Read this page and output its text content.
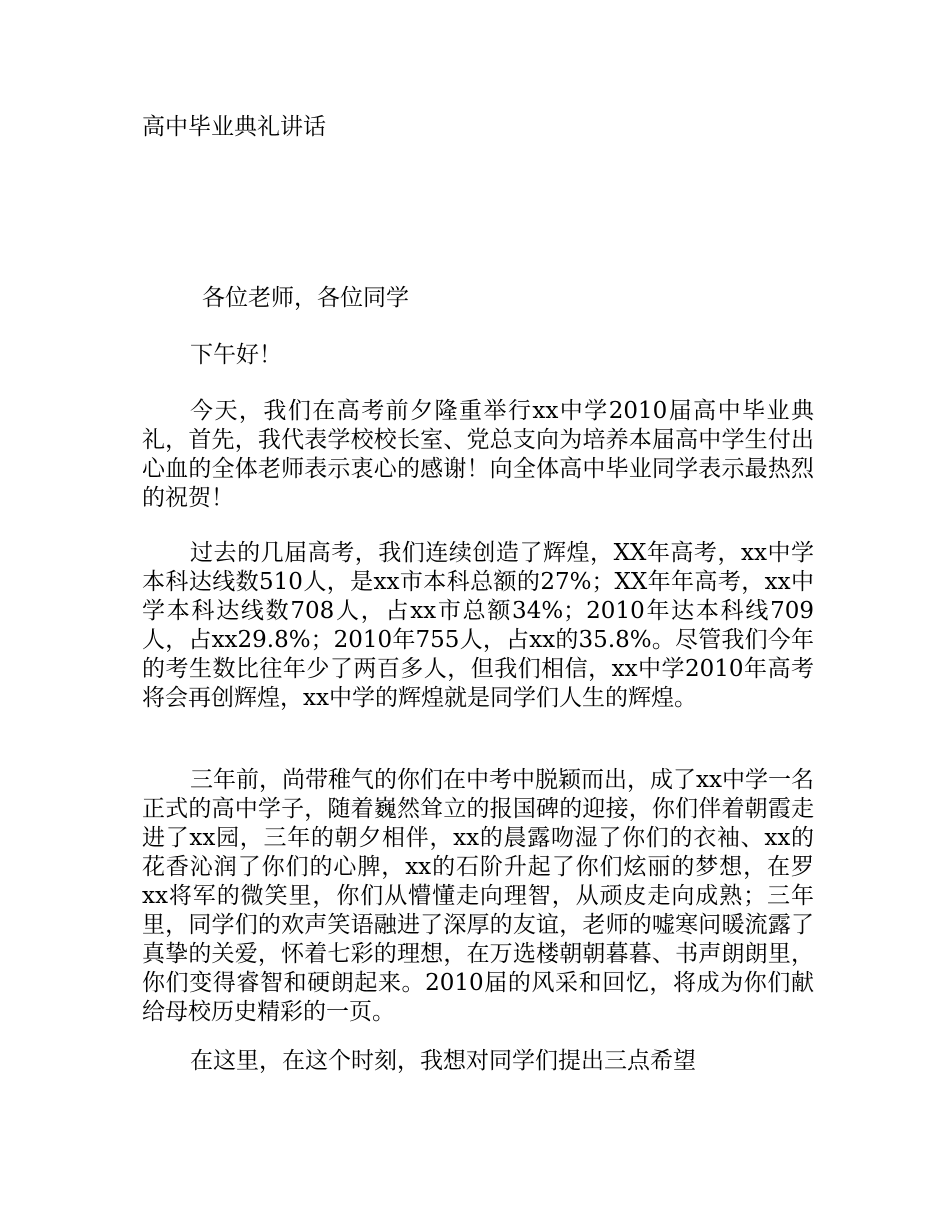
高中毕业典礼讲话
各位老师，各位同学
下午好！

今天，我们在高考前夕隆重举行xx中学2010届高中毕业典礼，首先，我代表学校校长室、党总支向为培养本届高中学生付出心血的全体老师表示衷心的感谢！向全体高中毕业同学表示最热烈的祝贺！

过去的几届高考，我们连续创造了辉煌，XX年高考，xx中学本科达线数510人，是xx市本科总额的27%；XX年年高考，xx中学本科达线数708人，占xx市总额34%；2010年达本科线709人，占xx29.8%；2010年755人，占xx的35.8%。尽管我们今年的考生数比往年少了两百多人，但我们相信，xx中学2010年高考将会再创辉煌，xx中学的辉煌就是同学们人生的辉煌。

三年前，尚带稚气的你们在中考中脱颖而出，成了xx中学一名正式的高中学子，随着巍然耸立的报国碑的迎接，你们伴着朝霞走进了xx园，三年的朝夕相伴，xx的晨露吻湿了你们的衣袖、xx的花香沁润了你们的心脾，xx的石阶升起了你们炫丽的梦想，在罗xx将军的微笑里，你们从懵懂走向理智，从顽皮走向成熟；三年里，同学们的欢声笑语融进了深厚的友谊，老师的嘘寒问暖流露了真挚的关爱，怀着七彩的理想，在万选楼朝朝暮暮、书声朗朗里，你们变得睿智和硬朗起来。2010届的风采和回忆，将成为你们献给母校历史精彩的一页。

在这里，在这个时刻，我想对同学们提出三点希望
